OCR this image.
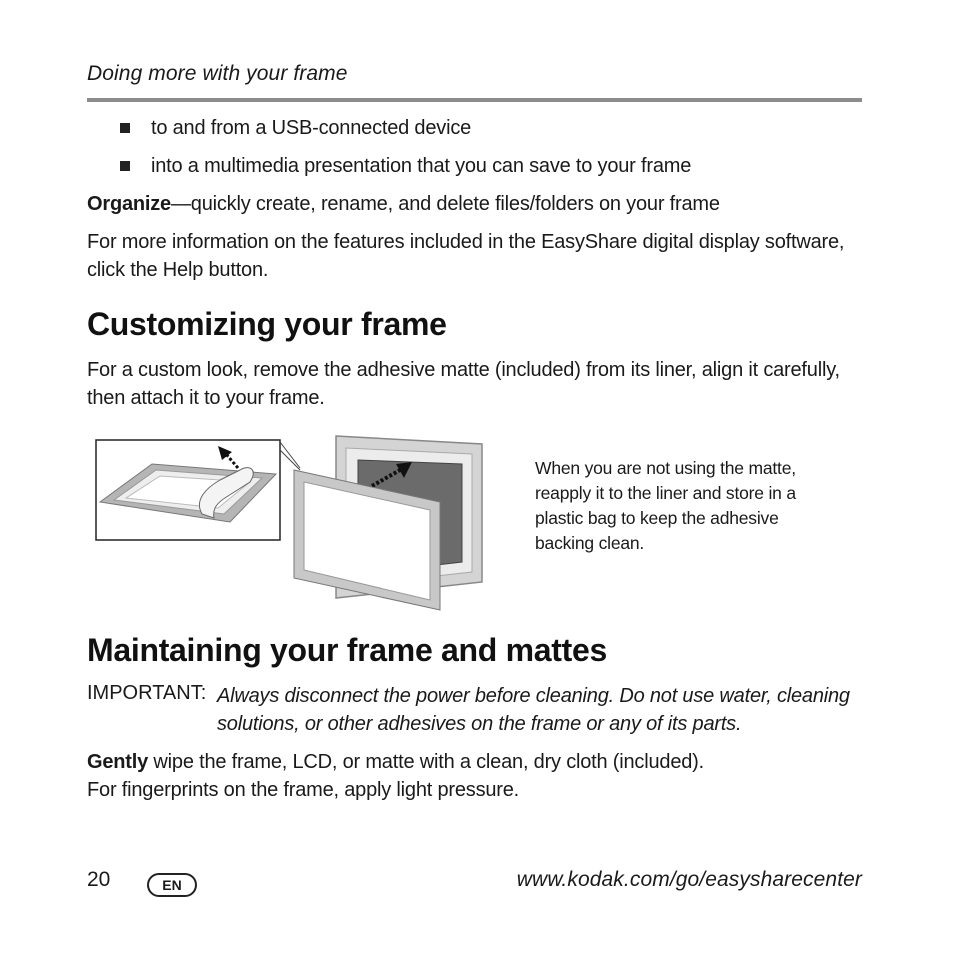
Doing more with your frame
to and from a USB-connected device
into a multimedia presentation that you can save to your frame
Organize—quickly create, rename, and delete files/folders on your frame
For more information on the features included in the EasyShare digital display software,
click the Help button.
Customizing your frame
For a custom look, remove the adhesive matte (included) from its liner, align it carefully,
then attach it to your frame.
When you are not using the matte,
reapply it to the liner and store in a
plastic bag to keep the adhesive
backing clean.
Maintaining your frame and mattes
IMPORTANT: Always disconnect the power before cleaning. Do not use water, cleaning
solutions, or other adhesives on the frame or any of its parts.
Gently wipe the frame, LCD, or matte with a clean, dry cloth (included).
For fingerprints on the frame, apply light pressure.
20	EN	www.kodak.com/go/easysharecenter
